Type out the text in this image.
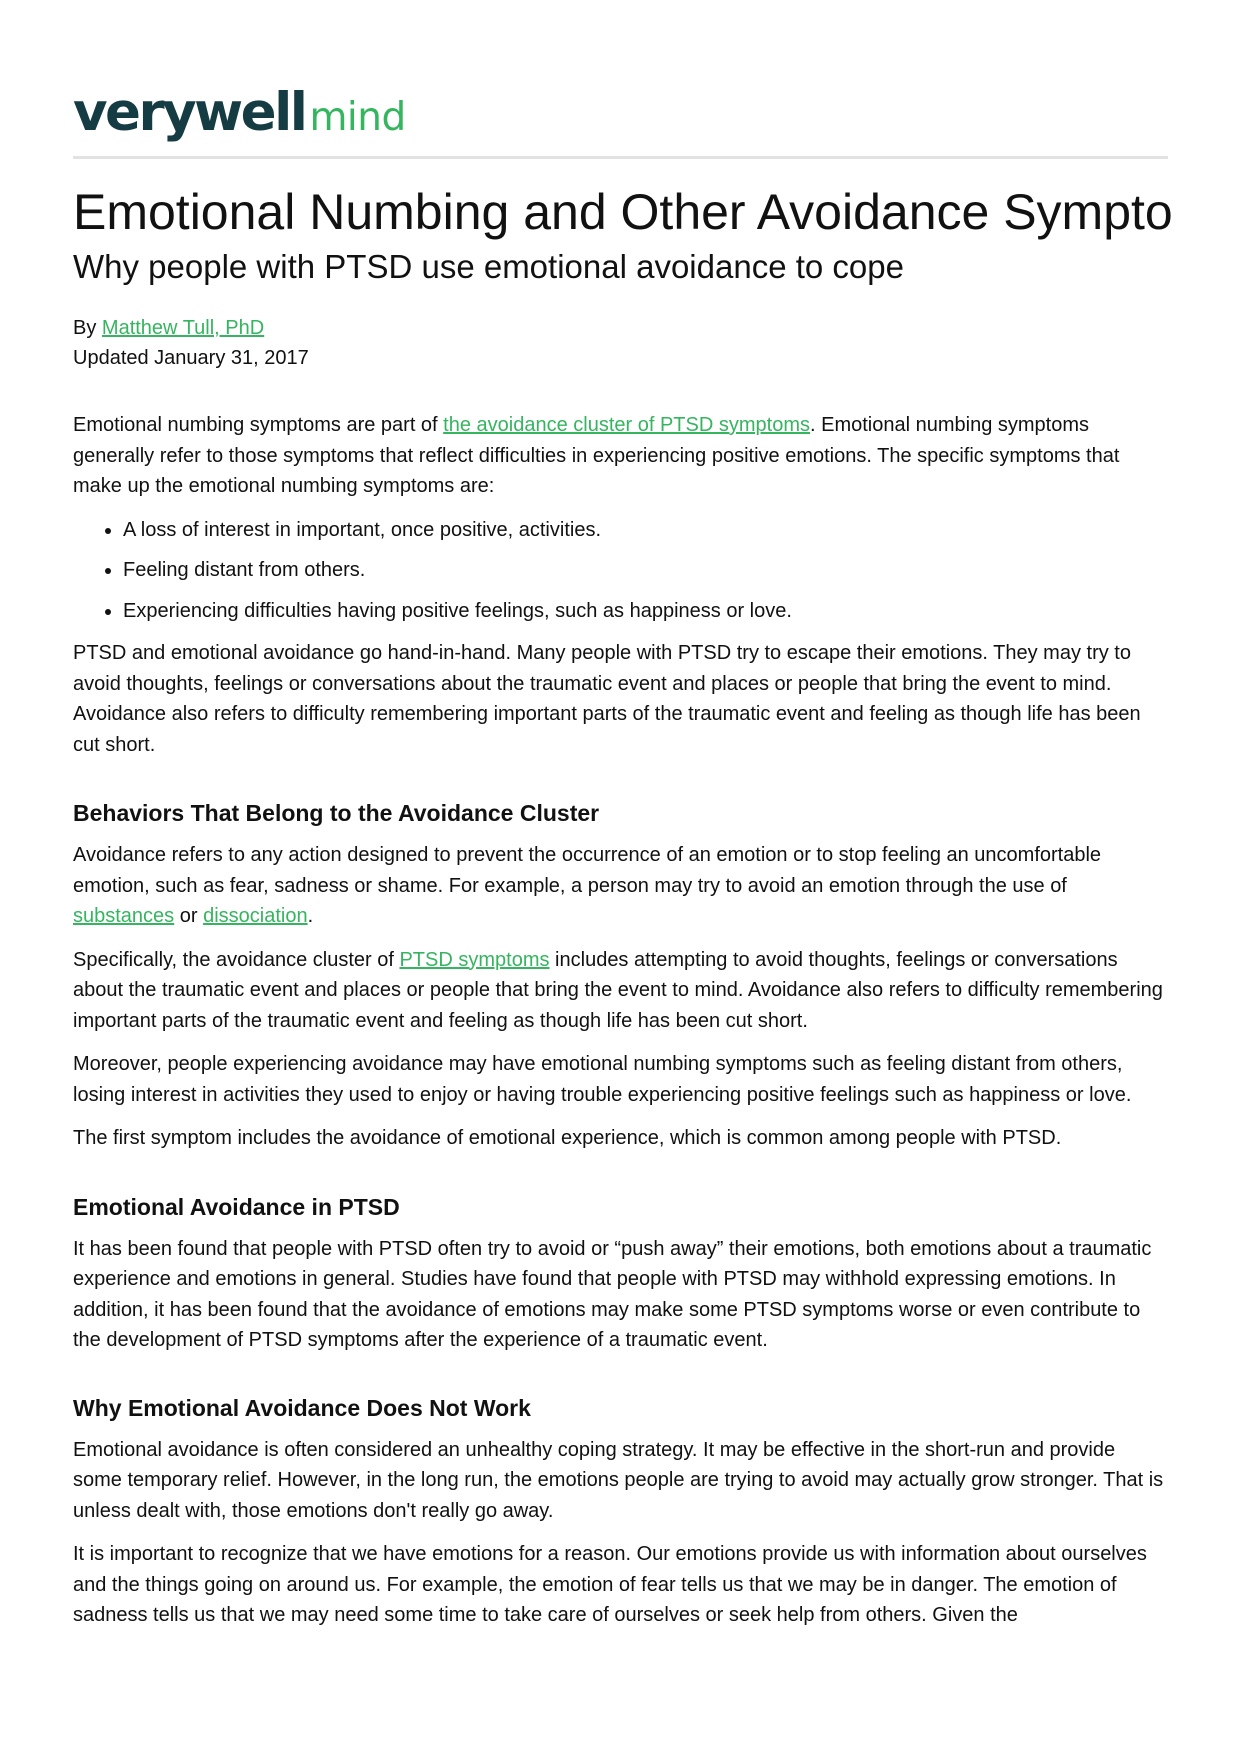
verywell mind
Emotional Numbing and Other Avoidance Sympto
Why people with PTSD use emotional avoidance to cope
By Matthew Tull, PhD
Updated January 31, 2017

Emotional numbing symptoms are part of the avoidance cluster of PTSD symptoms. Emotional numbing symptoms generally refer to those symptoms that reflect difficulties in experiencing positive emotions. The specific symptoms that make up the emotional numbing symptoms are:

• A loss of interest in important, once positive, activities.
• Feeling distant from others.
• Experiencing difficulties having positive feelings, such as happiness or love.

PTSD and emotional avoidance go hand-in-hand. Many people with PTSD try to escape their emotions. They may try to avoid thoughts, feelings or conversations about the traumatic event and places or people that bring the event to mind. Avoidance also refers to difficulty remembering important parts of the traumatic event and feeling as though life has been cut short.

Behaviors That Belong to the Avoidance Cluster

Avoidance refers to any action designed to prevent the occurrence of an emotion or to stop feeling an uncomfortable emotion, such as fear, sadness or shame. For example, a person may try to avoid an emotion through the use of substances or dissociation.

Specifically, the avoidance cluster of PTSD symptoms includes attempting to avoid thoughts, feelings or conversations about the traumatic event and places or people that bring the event to mind. Avoidance also refers to difficulty remembering important parts of the traumatic event and feeling as though life has been cut short.

Moreover, people experiencing avoidance may have emotional numbing symptoms such as feeling distant from others, losing interest in activities they used to enjoy or having trouble experiencing positive feelings such as happiness or love.

The first symptom includes the avoidance of emotional experience, which is common among people with PTSD.

Emotional Avoidance in PTSD

It has been found that people with PTSD often try to avoid or “push away” their emotions, both emotions about a traumatic experience and emotions in general. Studies have found that people with PTSD may withhold expressing emotions. In addition, it has been found that the avoidance of emotions may make some PTSD symptoms worse or even contribute to the development of PTSD symptoms after the experience of a traumatic event.

Why Emotional Avoidance Does Not Work

Emotional avoidance is often considered an unhealthy coping strategy. It may be effective in the short-run and provide some temporary relief. However, in the long run, the emotions people are trying to avoid may actually grow stronger. That is unless dealt with, those emotions don't really go away.

It is important to recognize that we have emotions for a reason. Our emotions provide us with information about ourselves and the things going on around us. For example, the emotion of fear tells us that we may be in danger. The emotion of sadness tells us that we may need some time to take care of ourselves or seek help from others. Given the
